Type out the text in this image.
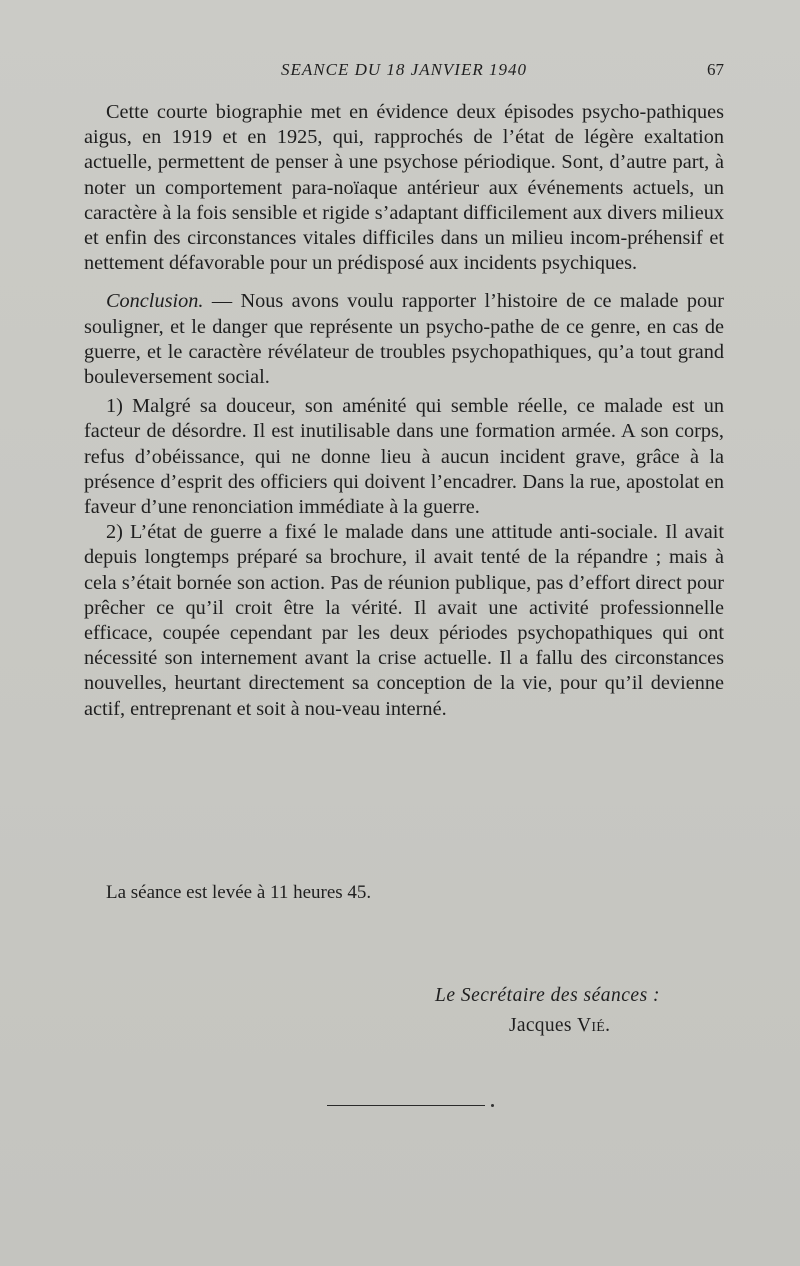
SEANCE DU 18 JANVIER 1940	67

Cette courte biographie met en évidence deux épisodes psycho-pathiques aigus, en 1919 et en 1925, qui, rapprochés de l’état de légère exaltation actuelle, permettent de penser à une psychose périodique. Sont, d’autre part, à noter un comportement para-noïaque antérieur aux événements actuels, un caractère à la fois sensible et rigide s’adaptant difficilement aux divers milieux et enfin des circonstances vitales difficiles dans un milieu incom-préhensif et nettement défavorable pour un prédisposé aux incidents psychiques.

Conclusion. — Nous avons voulu rapporter l’histoire de ce malade pour souligner, et le danger que représente un psycho-pathe de ce genre, en cas de guerre, et le caractère révélateur de troubles psychopathiques, qu’a tout grand bouleversement social.

1) Malgré sa douceur, son aménité qui semble réelle, ce malade est un facteur de désordre. Il est inutilisable dans une formation armée. A son corps, refus d’obéissance, qui ne donne lieu à aucun incident grave, grâce à la présence d’esprit des officiers qui doivent l’encadrer. Dans la rue, apostolat en faveur d’une renonciation immédiate à la guerre.

2) L’état de guerre a fixé le malade dans une attitude anti-sociale. Il avait depuis longtemps préparé sa brochure, il avait tenté de la répandre ; mais à cela s’était bornée son action. Pas de réunion publique, pas d’effort direct pour prêcher ce qu’il croit être la vérité. Il avait une activité professionnelle efficace, coupée cependant par les deux périodes psychopathiques qui ont nécessité son internement avant la crise actuelle. Il a fallu des circonstances nouvelles, heurtant directement sa conception de la vie, pour qu’il devienne actif, entreprenant et soit à nou-veau interné.

La séance est levée à 11 heures 45.
Le Secrétaire des séances :
Jacques Vié.
